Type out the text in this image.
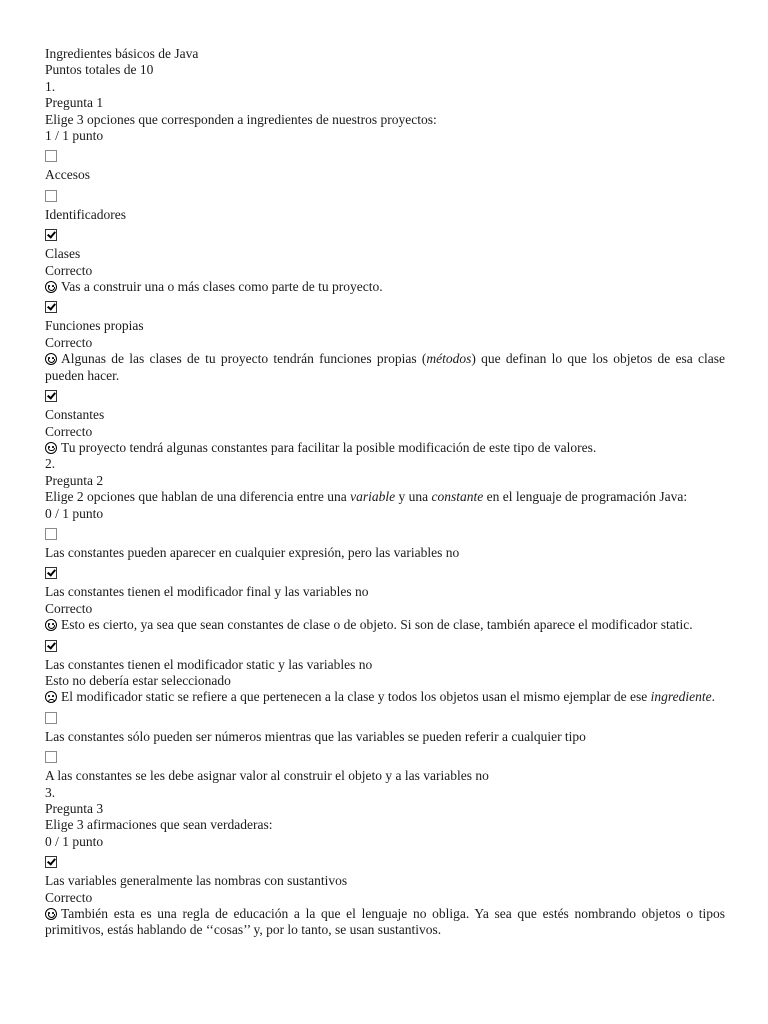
Ingredientes básicos de Java
Puntos totales de 10
1.
Pregunta 1
Elige 3 opciones que corresponden a ingredientes de nuestros proyectos:
1 / 1 punto
Accesos
Identificadores
Clases
Correcto
Vas a construir una o más clases como parte de tu proyecto.
Funciones propias
Correcto
Algunas de las clases de tu proyecto tendrán funciones propias (métodos) que definan lo que los objetos de esa clase pueden hacer.
Constantes
Correcto
Tu proyecto tendrá algunas constantes para facilitar la posible modificación de este tipo de valores.
2.
Pregunta 2
Elige 2 opciones que hablan de una diferencia entre una variable y una constante en el lenguaje de programación Java:
0 / 1 punto
Las constantes pueden aparecer en cualquier expresión, pero las variables no
Las constantes tienen el modificador final y las variables no
Correcto
Esto es cierto, ya sea que sean constantes de clase o de objeto. Si son de clase, también aparece el modificador static.
Las constantes tienen el modificador static y las variables no
Esto no debería estar seleccionado
El modificador static se refiere a que pertenecen a la clase y todos los objetos usan el mismo ejemplar de ese ingrediente.
Las constantes sólo pueden ser números mientras que las variables se pueden referir a cualquier tipo
A las constantes se les debe asignar valor al construir el objeto y a las variables no
3.
Pregunta 3
Elige 3 afirmaciones que sean verdaderas:
0 / 1 punto
Las variables generalmente las nombras con sustantivos
Correcto
También esta es una regla de educación a la que el lenguaje no obliga. Ya sea que estés nombrando objetos o tipos primitivos, estás hablando de ‘‘cosas’’ y, por lo tanto, se usan sustantivos.
